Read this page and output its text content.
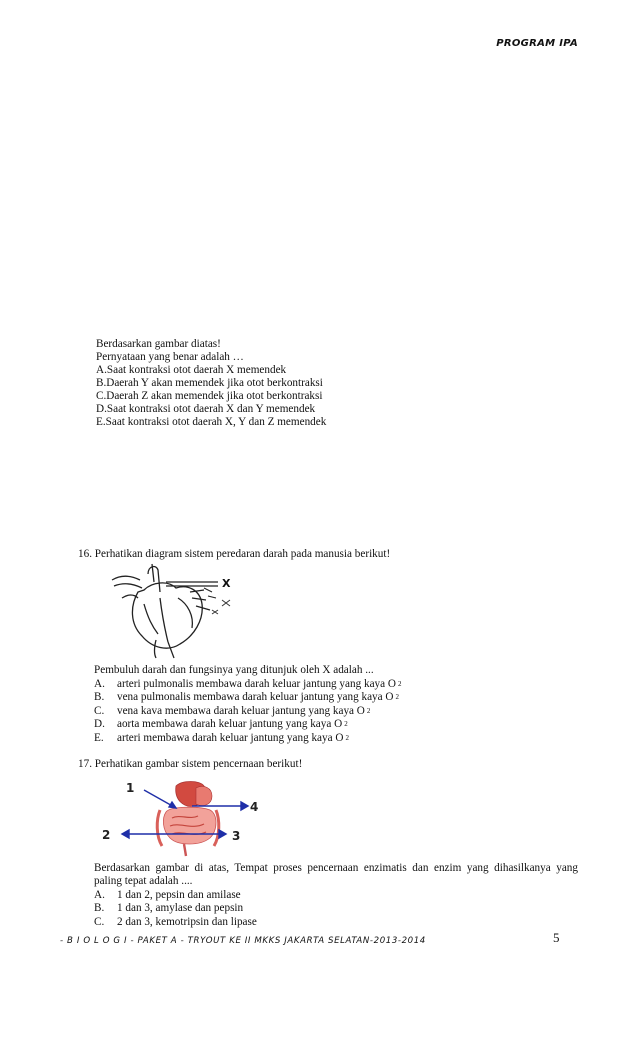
PROGRAM IPA
Berdasarkan gambar diatas!
Pernyataan yang benar adalah …
A.Saat kontraksi otot daerah X memendek
B.Daerah Y akan memendek jika otot berkontraksi
C.Daerah Z akan memendek jika otot berkontraksi
D.Saat kontraksi otot daerah X dan Y memendek
E.Saat kontraksi otot daerah X, Y dan Z memendek
16. Perhatikan diagram sistem peredaran darah pada manusia berikut!
X
Pembuluh darah dan fungsinya yang ditunjuk oleh X adalah ...
A.	arteri pulmonalis membawa darah keluar jantung yang kaya O 2
B.	vena pulmonalis membawa darah keluar jantung yang kaya O 2
C.	vena kava membawa darah keluar jantung yang kaya O 2
D.	aorta membawa darah keluar jantung yang kaya O 2
E.	arteri membawa darah keluar jantung yang kaya O 2
17. Perhatikan gambar sistem pencernaan berikut!
1
2	3
4
Berdasarkan gambar di atas, Tempat proses pencernaan enzimatis dan enzim yang dihasilkanya yang
paling tepat adalah ....
A.	1 dan 2, pepsin dan amilase
B.	1 dan 3, amylase dan pepsin
C.	2 dan 3, kemotripsin dan lipase
- B I O L O G I - PAKET A - TRYOUT KE II MKKS JAKARTA SELATAN-2013-2014	5
